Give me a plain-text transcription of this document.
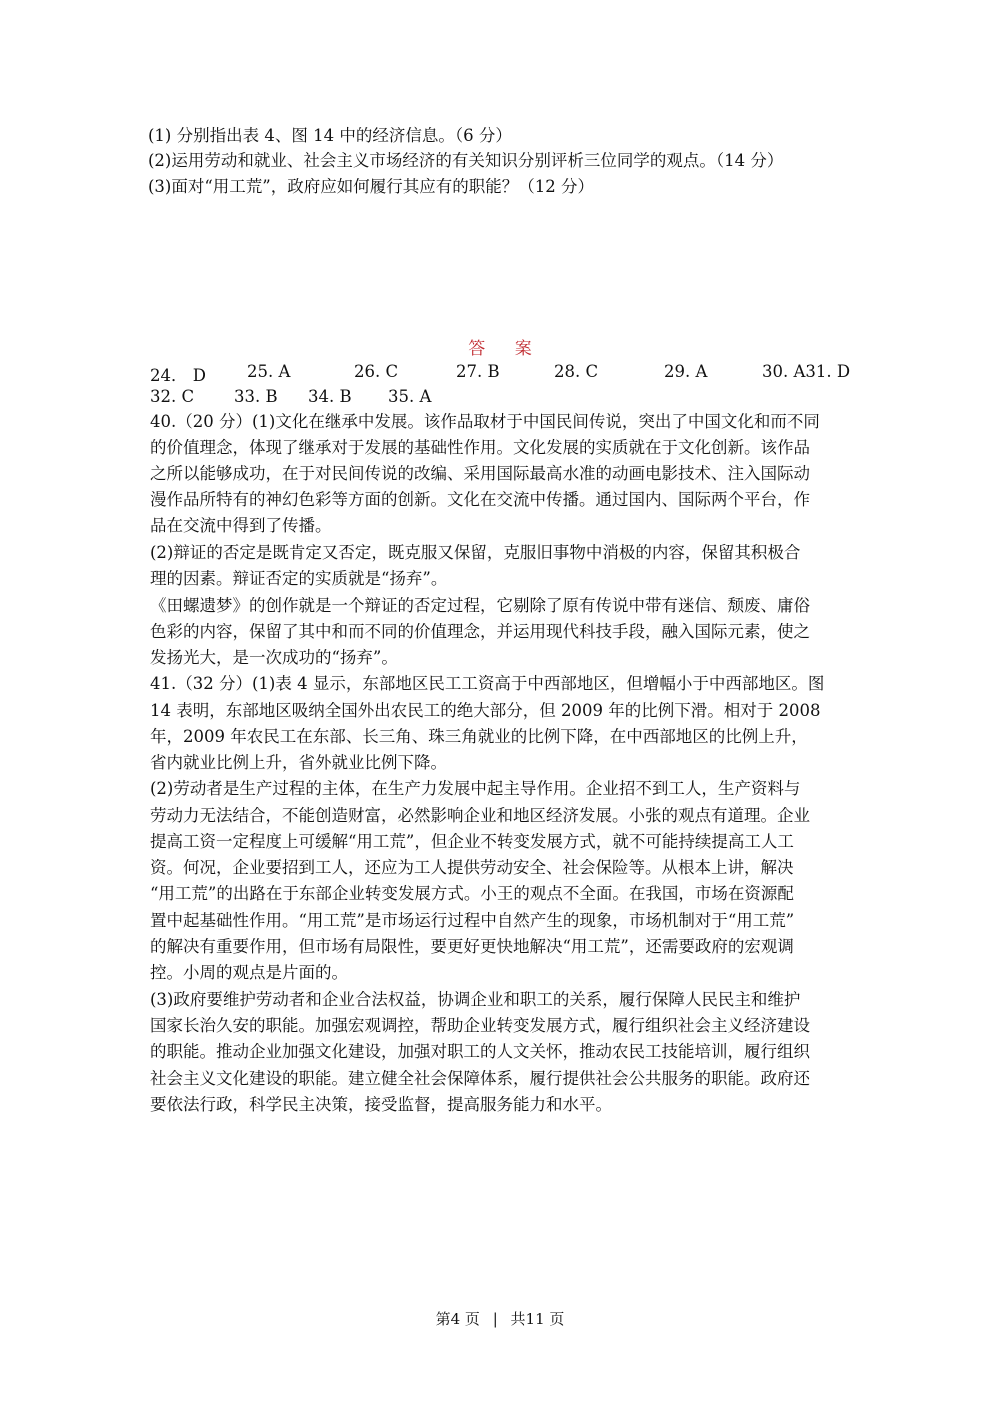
(1) 分别指出表 4、图 14 中的经济信息。（6 分）
(2)运用劳动和就业、社会主义市场经济的有关知识分别评析三位同学的观点。（14 分）
(3)面对“用工荒”，政府应如何履行其应有的职能？（12 分）
答 案
24． D 25. A	26. C	27. B	28. C	29. A	30. A31. D
32. C 33. B 34. B 35. A
40.（20 分）(1)文化在继承中发展。该作品取材于中国民间传说，突出了中国文化和而不同
的价值理念，体现了继承对于发展的基础性作用。文化发展的实质就在于文化创新。该作品
之所以能够成功，在于对民间传说的改编、采用国际最高水准的动画电影技术、注入国际动
漫作品所特有的神幻色彩等方面的创新。文化在交流中传播。通过国内、国际两个平台，作
品在交流中得到了传播。
(2)辩证的否定是既肯定又否定，既克服又保留，克服旧事物中消极的内容，保留其积极合
理的因素。辩证否定的实质就是“扬弃”。
《田螺遗梦》的创作就是一个辩证的否定过程，它剔除了原有传说中带有迷信、颓废、庸俗
色彩的内容，保留了其中和而不同的价值理念，并运用现代科技手段，融入国际元素，使之
发扬光大，是一次成功的“扬弃”。
41.（32 分）(1)表 4 显示，东部地区民工工资高于中西部地区，但增幅小于中西部地区。图
14 表明，东部地区吸纳全国外出农民工的绝大部分，但 2009 年的比例下滑。相对于 2008
年，2009 年农民工在东部、长三角、珠三角就业的比例下降，在中西部地区的比例上升，
省内就业比例上升，省外就业比例下降。
(2)劳动者是生产过程的主体，在生产力发展中起主导作用。企业招不到工人，生产资料与
劳动力无法结合，不能创造财富，必然影响企业和地区经济发展。小张的观点有道理。企业
提高工资一定程度上可缓解“用工荒”，但企业不转变发展方式，就不可能持续提高工人工
资。何况，企业要招到工人，还应为工人提供劳动安全、社会保险等。从根本上讲，解决
“用工荒”的出路在于东部企业转变发展方式。小王的观点不全面。在我国，市场在资源配
置中起基础性作用。“用工荒”是市场运行过程中自然产生的现象，市场机制对于“用工荒”
的解决有重要作用，但市场有局限性，要更好更快地解决“用工荒”，还需要政府的宏观调
控。小周的观点是片面的。
(3)政府要维护劳动者和企业合法权益，协调企业和职工的关系，履行保障人民民主和维护
国家长治久安的职能。加强宏观调控，帮助企业转变发展方式，履行组织社会主义经济建设
的职能。推动企业加强文化建设，加强对职工的人文关怀，推动农民工技能培训，履行组织
社会主义文化建设的职能。建立健全社会保障体系，履行提供社会公共服务的职能。政府还
要依法行政，科学民主决策，接受监督，提高服务能力和水平。
第4 页 | 共11 页
